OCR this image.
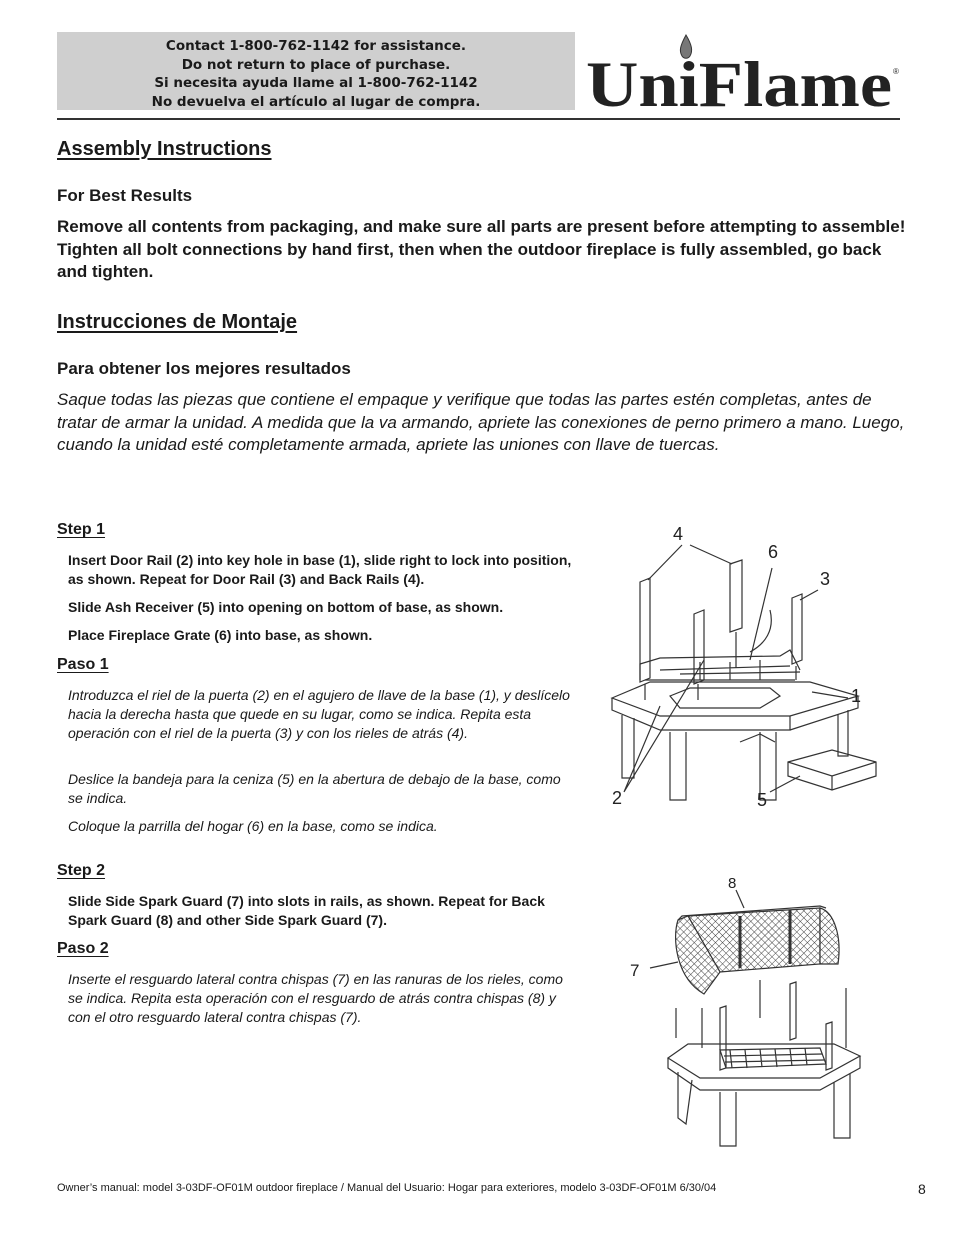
Contact 1-800-762-1142 for assistance.
Do not return to place of purchase.
Si necesita ayuda llame al 1-800-762-1142
No devuelva el artículo al lugar de compra.	UniFlame ®
Assembly Instructions

For Best Results

Remove all contents from packaging, and make sure all parts are present before attempting to assemble! Tighten all bolt connections by hand first, then when the outdoor fireplace is fully assembled, go back and tighten.

Instrucciones de Montaje

Para obtener los mejores resultados

Saque todas las piezas que contiene el empaque y verifique que todas las partes estén completas, antes de tratar de armar la unidad. A medida que la va armando, apriete las conexiones de perno primero a mano. Luego, cuando la unidad esté completamente armada, apriete las uniones con llave de tuercas.

Step 1

Insert Door Rail (2) into key hole in base (1), slide right to lock into position, as shown. Repeat for Door Rail (3) and Back Rails (4).

Slide Ash Receiver (5) into opening on bottom of base, as shown.

Place Fireplace Grate (6) into base, as shown.

Paso 1

Introduzca el riel de la puerta (2) en el agujero de llave de la base (1), y deslícelo hacia la derecha hasta que quede en su lugar, como se indica. Repita esta operación con el riel de la puerta (3) y con los rieles de atrás (4).

Deslice la bandeja para la ceniza (5) en la abertura de debajo de la base, como se indica.

Coloque la parrilla del hogar (6) en la base, como se indica.

4
6
3
1
2	5

Step 2

Slide Side Spark Guard (7) into slots in rails, as shown. Repeat for Back Spark Guard (8) and other Side Spark Guard (7).

Paso 2

Inserte el resguardo lateral contra chispas (7) en las ranuras de los rieles, como se indica. Repita esta operación con el resguardo de atrás contra chispas (8) y con el otro resguardo lateral contra chispas (7).

8
7
Owner’s manual: model 3-03DF-OF01M outdoor fireplace / Manual del Usuario: Hogar para exteriores, modelo 3-03DF-OF01M 6/30/04	8
